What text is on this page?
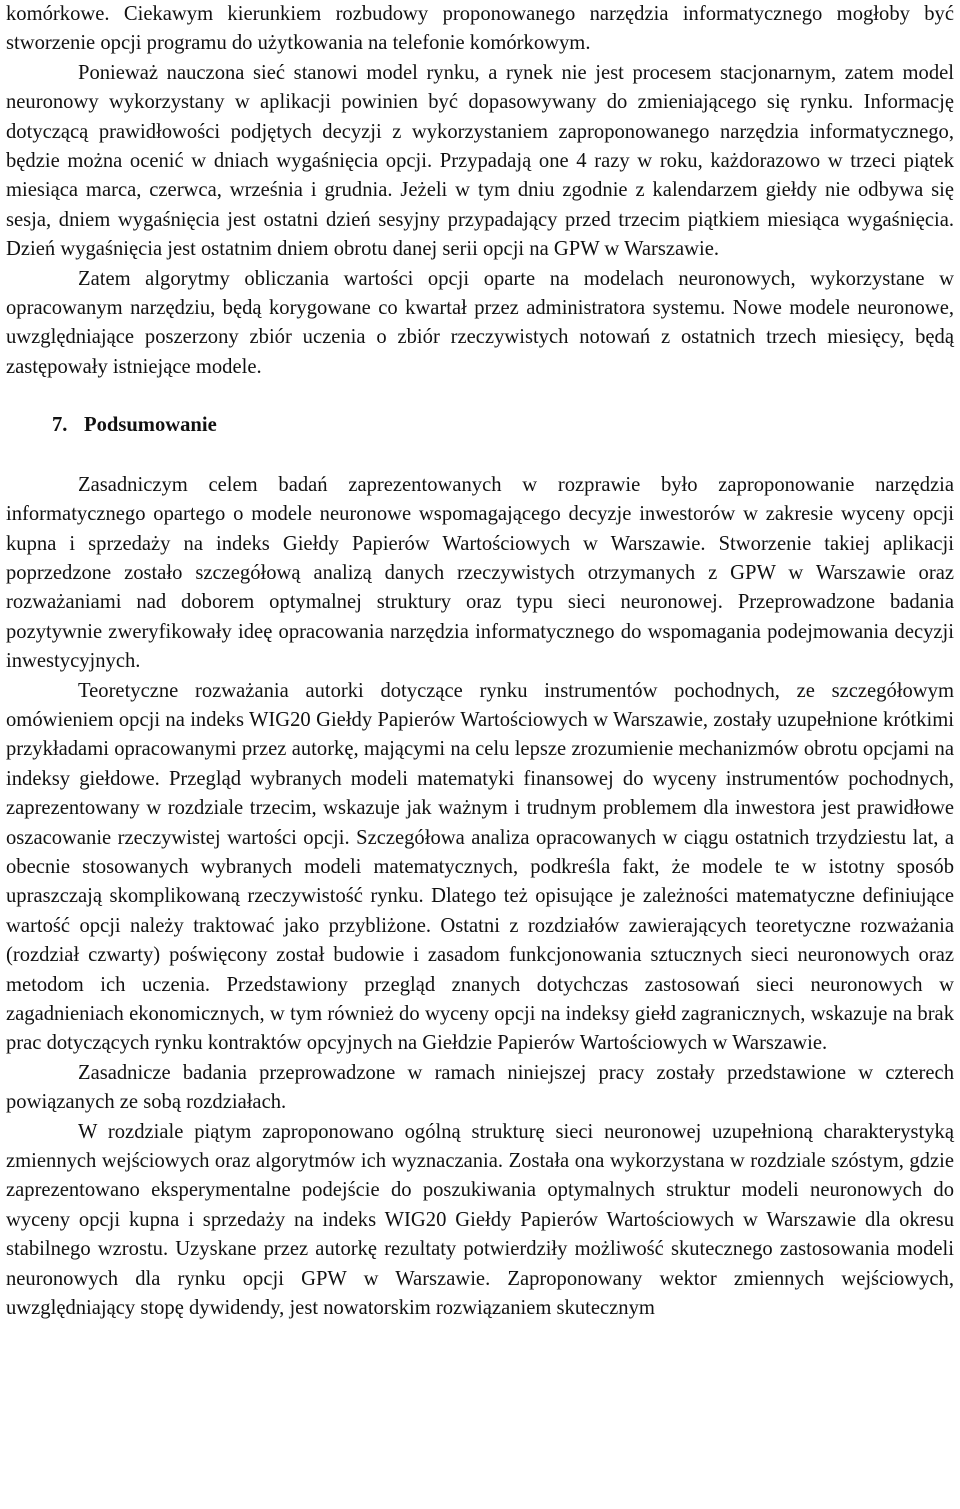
komórkowe. Ciekawym kierunkiem rozbudowy proponowanego narzędzia informatycznego mogłoby być stworzenie opcji programu do użytkowania na telefonie komórkowym.

Ponieważ nauczona sieć stanowi model rynku, a rynek nie jest procesem stacjonarnym, zatem model neuronowy wykorzystany w aplikacji powinien być dopasowywany do zmieniającego się rynku. Informację dotyczącą prawidłowości podjętych decyzji z wykorzystaniem zaproponowanego narzędzia informatycznego, będzie można ocenić w dniach wygaśnięcia opcji. Przypadają one 4 razy w roku, każdorazowo w trzeci piątek miesiąca marca, czerwca, września i grudnia. Jeżeli w tym dniu zgodnie z kalendarzem giełdy nie odbywa się sesja, dniem wygaśnięcia jest ostatni dzień sesyjny przypadający przed trzecim piątkiem miesiąca wygaśnięcia. Dzień wygaśnięcia jest ostatnim dniem obrotu danej serii opcji na GPW w Warszawie.

Zatem algorytmy obliczania wartości opcji oparte na modelach neuronowych, wykorzystane w opracowanym narzędziu, będą korygowane co kwartał przez administratora systemu. Nowe modele neuronowe, uwzględniające poszerzony zbiór uczenia o zbiór rzeczywistych notowań z ostatnich trzech miesięcy, będą zastępowały istniejące modele.

7. Podsumowanie

Zasadniczym celem badań zaprezentowanych w rozprawie było zaproponowanie narzędzia informatycznego opartego o modele neuronowe wspomagającego decyzje inwestorów w zakresie wyceny opcji kupna i sprzedaży na indeks Giełdy Papierów Wartościowych w Warszawie. Stworzenie takiej aplikacji poprzedzone zostało szczegółową analizą danych rzeczywistych otrzymanych z GPW w Warszawie oraz rozważaniami nad doborem optymalnej struktury oraz typu sieci neuronowej. Przeprowadzone badania pozytywnie zweryfikowały ideę opracowania narzędzia informatycznego do wspomagania podejmowania decyzji inwestycyjnych.

Teoretyczne rozważania autorki dotyczące rynku instrumentów pochodnych, ze szczegółowym omówieniem opcji na indeks WIG20 Giełdy Papierów Wartościowych w Warszawie, zostały uzupełnione krótkimi przykładami opracowanymi przez autorkę, mającymi na celu lepsze zrozumienie mechanizmów obrotu opcjami na indeksy giełdowe. Przegląd wybranych modeli matematyki finansowej do wyceny instrumentów pochodnych, zaprezentowany w rozdziale trzecim, wskazuje jak ważnym i trudnym problemem dla inwestora jest prawidłowe oszacowanie rzeczywistej wartości opcji. Szczegółowa analiza opracowanych w ciągu ostatnich trzydziestu lat, a obecnie stosowanych wybranych modeli matematycznych, podkreśla fakt, że modele te w istotny sposób upraszczają skomplikowaną rzeczywistość rynku. Dlatego też opisujące je zależności matematyczne definiujące wartość opcji należy traktować jako przybliżone. Ostatni z rozdziałów zawierających teoretyczne rozważania (rozdział czwarty) poświęcony został budowie i zasadom funkcjonowania sztucznych sieci neuronowych oraz metodom ich uczenia. Przedstawiony przegląd znanych dotychczas zastosowań sieci neuronowych w zagadnieniach ekonomicznych, w tym również do wyceny opcji na indeksy giełd zagranicznych, wskazuje na brak prac dotyczących rynku kontraktów opcyjnych na Giełdzie Papierów Wartościowych w Warszawie.

Zasadnicze badania przeprowadzone w ramach niniejszej pracy zostały przedstawione w czterech powiązanych ze sobą rozdziałach.

W rozdziale piątym zaproponowano ogólną strukturę sieci neuronowej uzupełnioną charakterystyką zmiennych wejściowych oraz algorytmów ich wyznaczania. Została ona wykorzystana w rozdziale szóstym, gdzie zaprezentowano eksperymentalne podejście do poszukiwania optymalnych struktur modeli neuronowych do wyceny opcji kupna i sprzedaży na indeks WIG20 Giełdy Papierów Wartościowych w Warszawie dla okresu stabilnego wzrostu. Uzyskane przez autorkę rezultaty potwierdziły możliwość skutecznego zastosowania modeli neuronowych dla rynku opcji GPW w Warszawie. Zaproponowany wektor zmiennych wejściowych, uwzględniający stopę dywidendy, jest nowatorskim rozwiązaniem skutecznym
